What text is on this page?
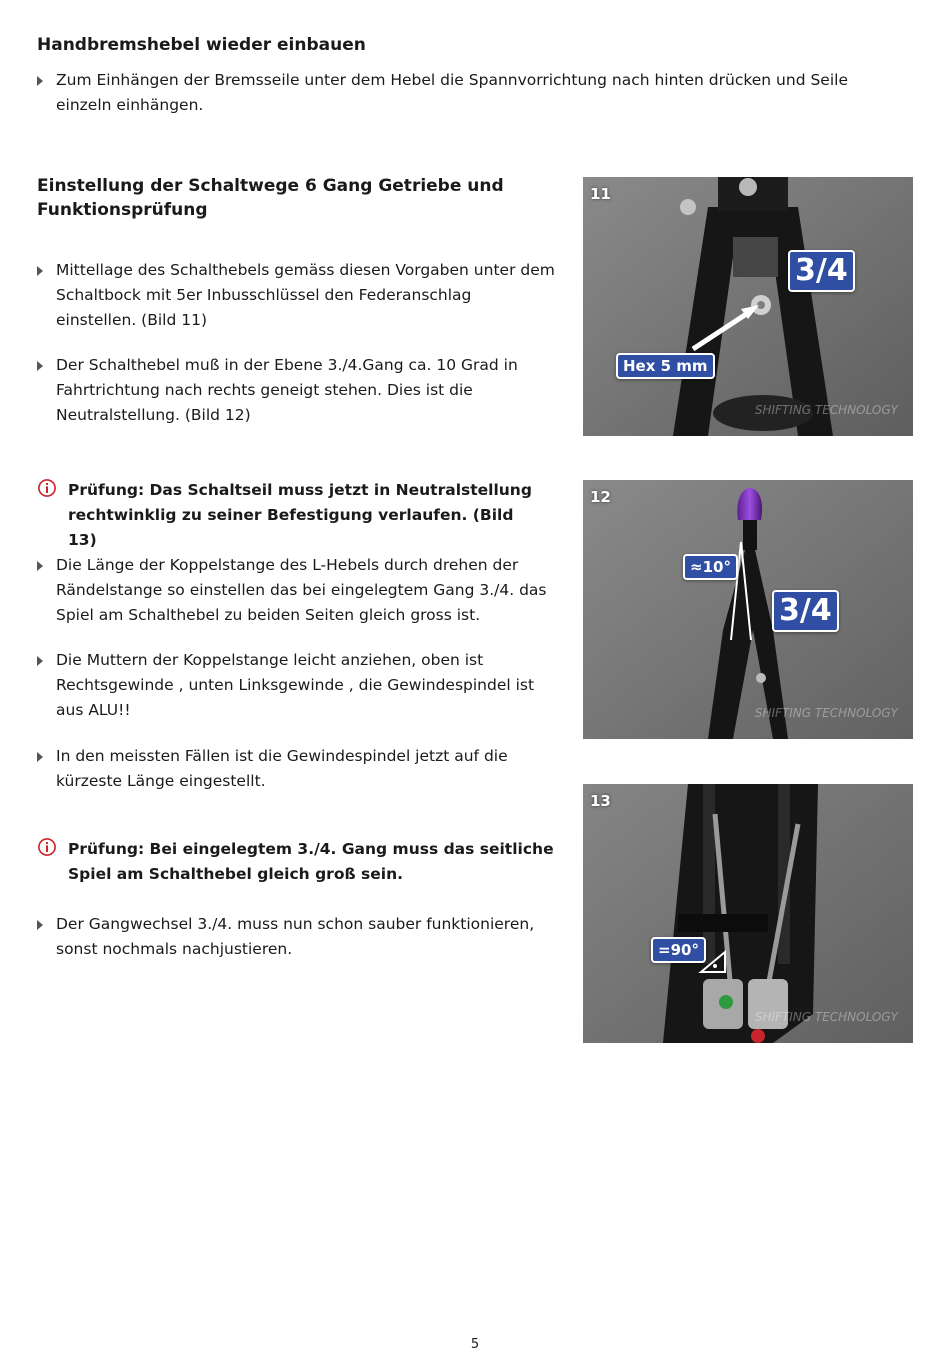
Handbremshebel wieder einbauen

Zum Einhängen der Bremsseile unter dem Hebel die Spannvorrichtung nach hinten drücken und Seile einzeln einhängen.

Einstellung der Schaltwege 6 Gang Getriebe und Funktionsprüfung

Mittellage des Schalthebels gemäss diesen Vorgaben unter dem Schaltbock mit 5er Inbusschlüssel den Federanschlag einstellen. (Bild 11)

Der Schalthebel muß in der Ebene 3./4.Gang ca. 10 Grad in Fahrtrichtung nach rechts geneigt stehen. Dies ist die Neutralstellung. (Bild 12)

Prüfung: Das Schaltseil muss jetzt in Neutralstellung rechtwinklig zu seiner Befestigung verlaufen. (Bild 13)

Die Länge der Koppelstange des L-Hebels durch drehen der Rändelstange so einstellen das bei eingelegtem Gang 3./4. das Spiel am Schalthebel zu beiden Seiten gleich gross ist.

Die Muttern der Koppelstange leicht anziehen, oben ist Rechtsgewinde , unten Linksgewinde , die Gewindespindel ist aus ALU!!

In den meissten Fällen ist die Gewindespindel jetzt auf die kürzeste Länge eingestellt.

Prüfung: Bei eingelegtem 3./4. Gang muss das seitliche Spiel am Schalthebel gleich groß sein.

Der Gangwechsel 3./4. muss nun schon sauber funktionieren, sonst nochmals nachjustieren.

SHIFTING TECHNOLOGY
11
3/4
Hex 5 mm
SHIFTING TECHNOLOGY
12
≈10°
3/4
SHIFTING TECHNOLOGY
13
=90°
5
